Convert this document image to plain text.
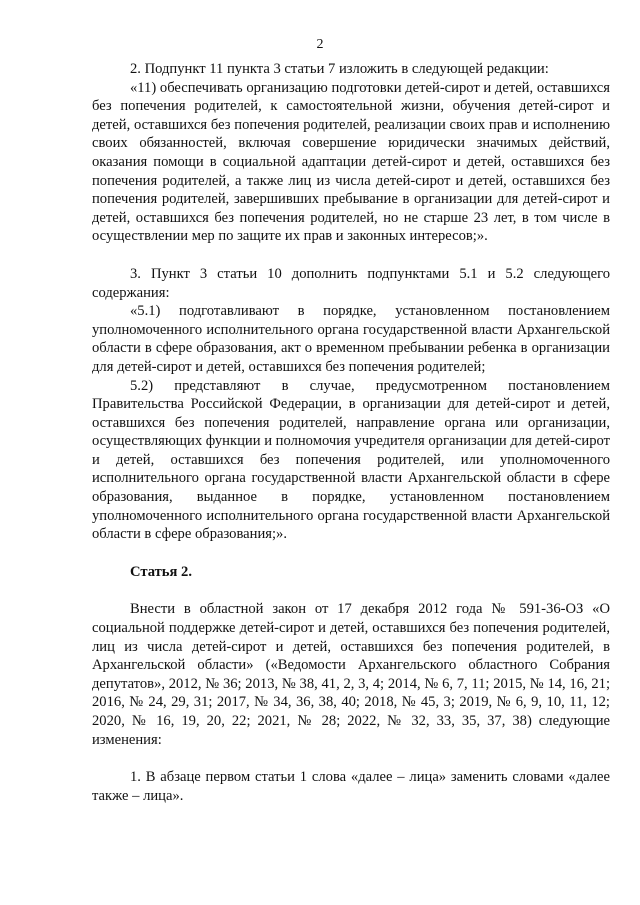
2

2. Подпункт 11 пункта 3 статьи 7 изложить в следующей редакции:

«11) обеспечивать организацию подготовки детей-сирот и детей, оставшихся без попечения родителей, к самостоятельной жизни, обучения детей-сирот и детей, оставшихся без попечения родителей, реализации своих прав и исполнению своих обязанностей, включая совершение юридически значимых действий, оказания помощи в социальной адаптации детей-сирот и детей, оставшихся без попечения родителей, а также лиц из числа детей-сирот и детей, оставшихся без попечения родителей, завершивших пребывание в организации для детей-сирот и детей, оставшихся без попечения родителей, но не старше 23 лет, в том числе в осуществлении мер по защите их прав и законных интересов;».

3. Пункт 3 статьи 10 дополнить подпунктами 5.1 и 5.2 следующего содержания:

«5.1) подготавливают в порядке, установленном постановлением уполномоченного исполнительного органа государственной власти Архангельской области в сфере образования, акт о временном пребывании ребенка в организации для детей-сирот и детей, оставшихся без попечения родителей;

5.2) представляют в случае, предусмотренном постановлением Правительства Российской Федерации, в организации для детей-сирот и детей, оставшихся без попечения родителей, направление органа или организации, осуществляющих функции и полномочия учредителя организации для детей-сирот и детей, оставшихся без попечения родителей, или уполномоченного исполнительного органа государственной власти Архангельской области в сфере образования, выданное в порядке, установленном постановлением уполномоченного исполнительного органа государственной власти Архангельской области в сфере образования;».

Статья 2.

Внести в областной закон от 17 декабря 2012 года № 591-36-ОЗ «О социальной поддержке детей-сирот и детей, оставшихся без попечения родителей, лиц из числа детей-сирот и детей, оставшихся без попечения родителей, в Архангельской области» («Ведомости Архангельского областного Собрания депутатов», 2012, № 36; 2013, № 38, 41, 2, 3, 4; 2014, № 6, 7, 11; 2015, № 14, 16, 21; 2016, № 24, 29, 31; 2017, № 34, 36, 38, 40; 2018, № 45, 3; 2019, № 6, 9, 10, 11, 12; 2020, № 16, 19, 20, 22; 2021, № 28; 2022, № 32, 33, 35, 37, 38) следующие изменения:

1. В абзаце первом статьи 1 слова «далее – лица» заменить словами «далее также – лица».
